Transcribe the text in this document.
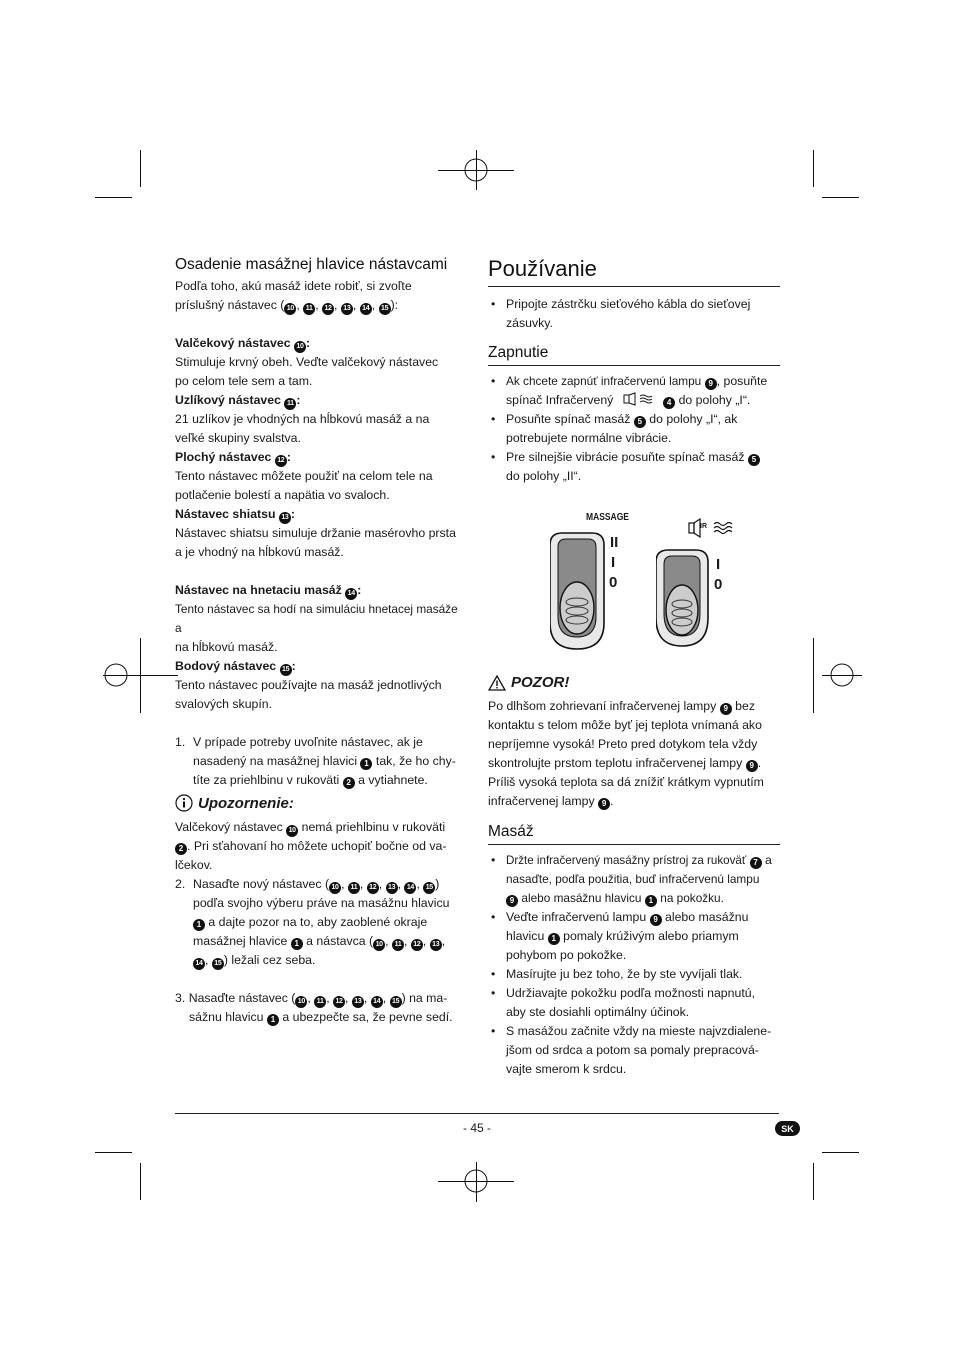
Osadenie masážnej hlavice nástavcami

Podľa toho, akú masáž idete robiť, si zvoľte

príslušný nástavec ( 10 , 11 , 12 , 13 , 14 , 15 ):

Valčekový nástavec 10 :

Stimuluje krvný obeh. Veďte valčekový nástavec

po celom tele sem a tam.

Uzlíkový nástavec 11 :

21 uzlíkov je vhodných na hĺbkovú masáž a na

veľké skupiny svalstva.

Plochý nástavec 12 :

Tento nástavec môžete použiť na celom tele na

potlačenie bolestí a napätia vo svaloch.

Nástavec shiatsu 13 :

Nástavec shiatsu simuluje držanie masérovho prsta

a je vhodný na hĺbkovú masáž.

Nástavec na hnetaciu masáž 14 :

Tento nástavec sa hodí na simuláciu hnetacej masáže a

na hĺbkovú masáž.

Bodový nástavec 15 :

Tento nástavec používajte na masáž jednotlivých

svalových skupín.

1. V prípade potreby uvoľnite nástavec, ak je
nasadený na masážnej hlavici 1 tak, že ho chy-
títe za priehlbinu v rukoväti 2 a vytiahnete.
Upozornenie:

Valčekový nástavec 10 nemá priehlbinu v rukoväti

2 . Pri sťahovaní ho môžete uchopiť bočne od va-

lčekov.

2. Nasaďte nový nástavec ( 10 , 11 , 12 , 13 , 14 , 15 )
podľa svojho výberu práve na masážnu hlavicu
1 a dajte pozor na to, aby zaoblené okraje
masážnej hlavice 1 a nástavca ( 10 , 11 , 12 , 13 ,
14 , 15 ) ležali cez seba.
3. Nasaďte nástavec ( 10 , 11 , 12 , 13 , 14 , 15 ) na ma-
sážnu hlavicu 1 a ubezpečte sa, že pevne sedí.
Používanie
• Pripojte zástrčku sieťového kábla do sieťovej
zásuvky.
Zapnutie
• Ak chcete zapnúť infračervenú lampu 9 , posuňte
spínač Infračervený	4 do polohy „I“.
• Posuňte spínač masáž 5 do polohy „I“, ak
potrebujete normálne vibrácie.
• Pre silnejšie vibrácie posuňte spínač masáž 5
do polohy „II“.
MASSAGE
II
I
0
IR
I
0
POZOR!

Po dlhšom zohrievaní infračervenej lampy 9 bez

kontaktu s telom môže byť jej teplota vnímaná ako

nepríjemne vysoká! Preto pred dotykom tela vždy

skontrolujte prstom teplotu infračervenej lampy 9 .

Príliš vysoká teplota sa dá znížiť krátkym vypnutím

infračervenej lampy 9 .

Masáž
• Držte infračervený masážny prístroj za rukoväť 7 a
nasaďte, podľa použitia, buď infračervenú lampu
9 alebo masážnu hlavicu 1 na pokožku.
• Veďte infračervenú lampu 9 alebo masážnu
hlavicu 1 pomaly krúživým alebo priamym
pohybom po pokožke.
• Masírujte ju bez toho, že by ste vyvíjali tlak.
• Udržiavajte pokožku podľa možnosti napnutú,
aby ste dosiahli optimálny účinok.
• S masážou začnite vždy na mieste najvzdialene-
jšom od srdca a potom sa pomaly prepracová-
vajte smerom k srdcu.
- 45 -	SK
